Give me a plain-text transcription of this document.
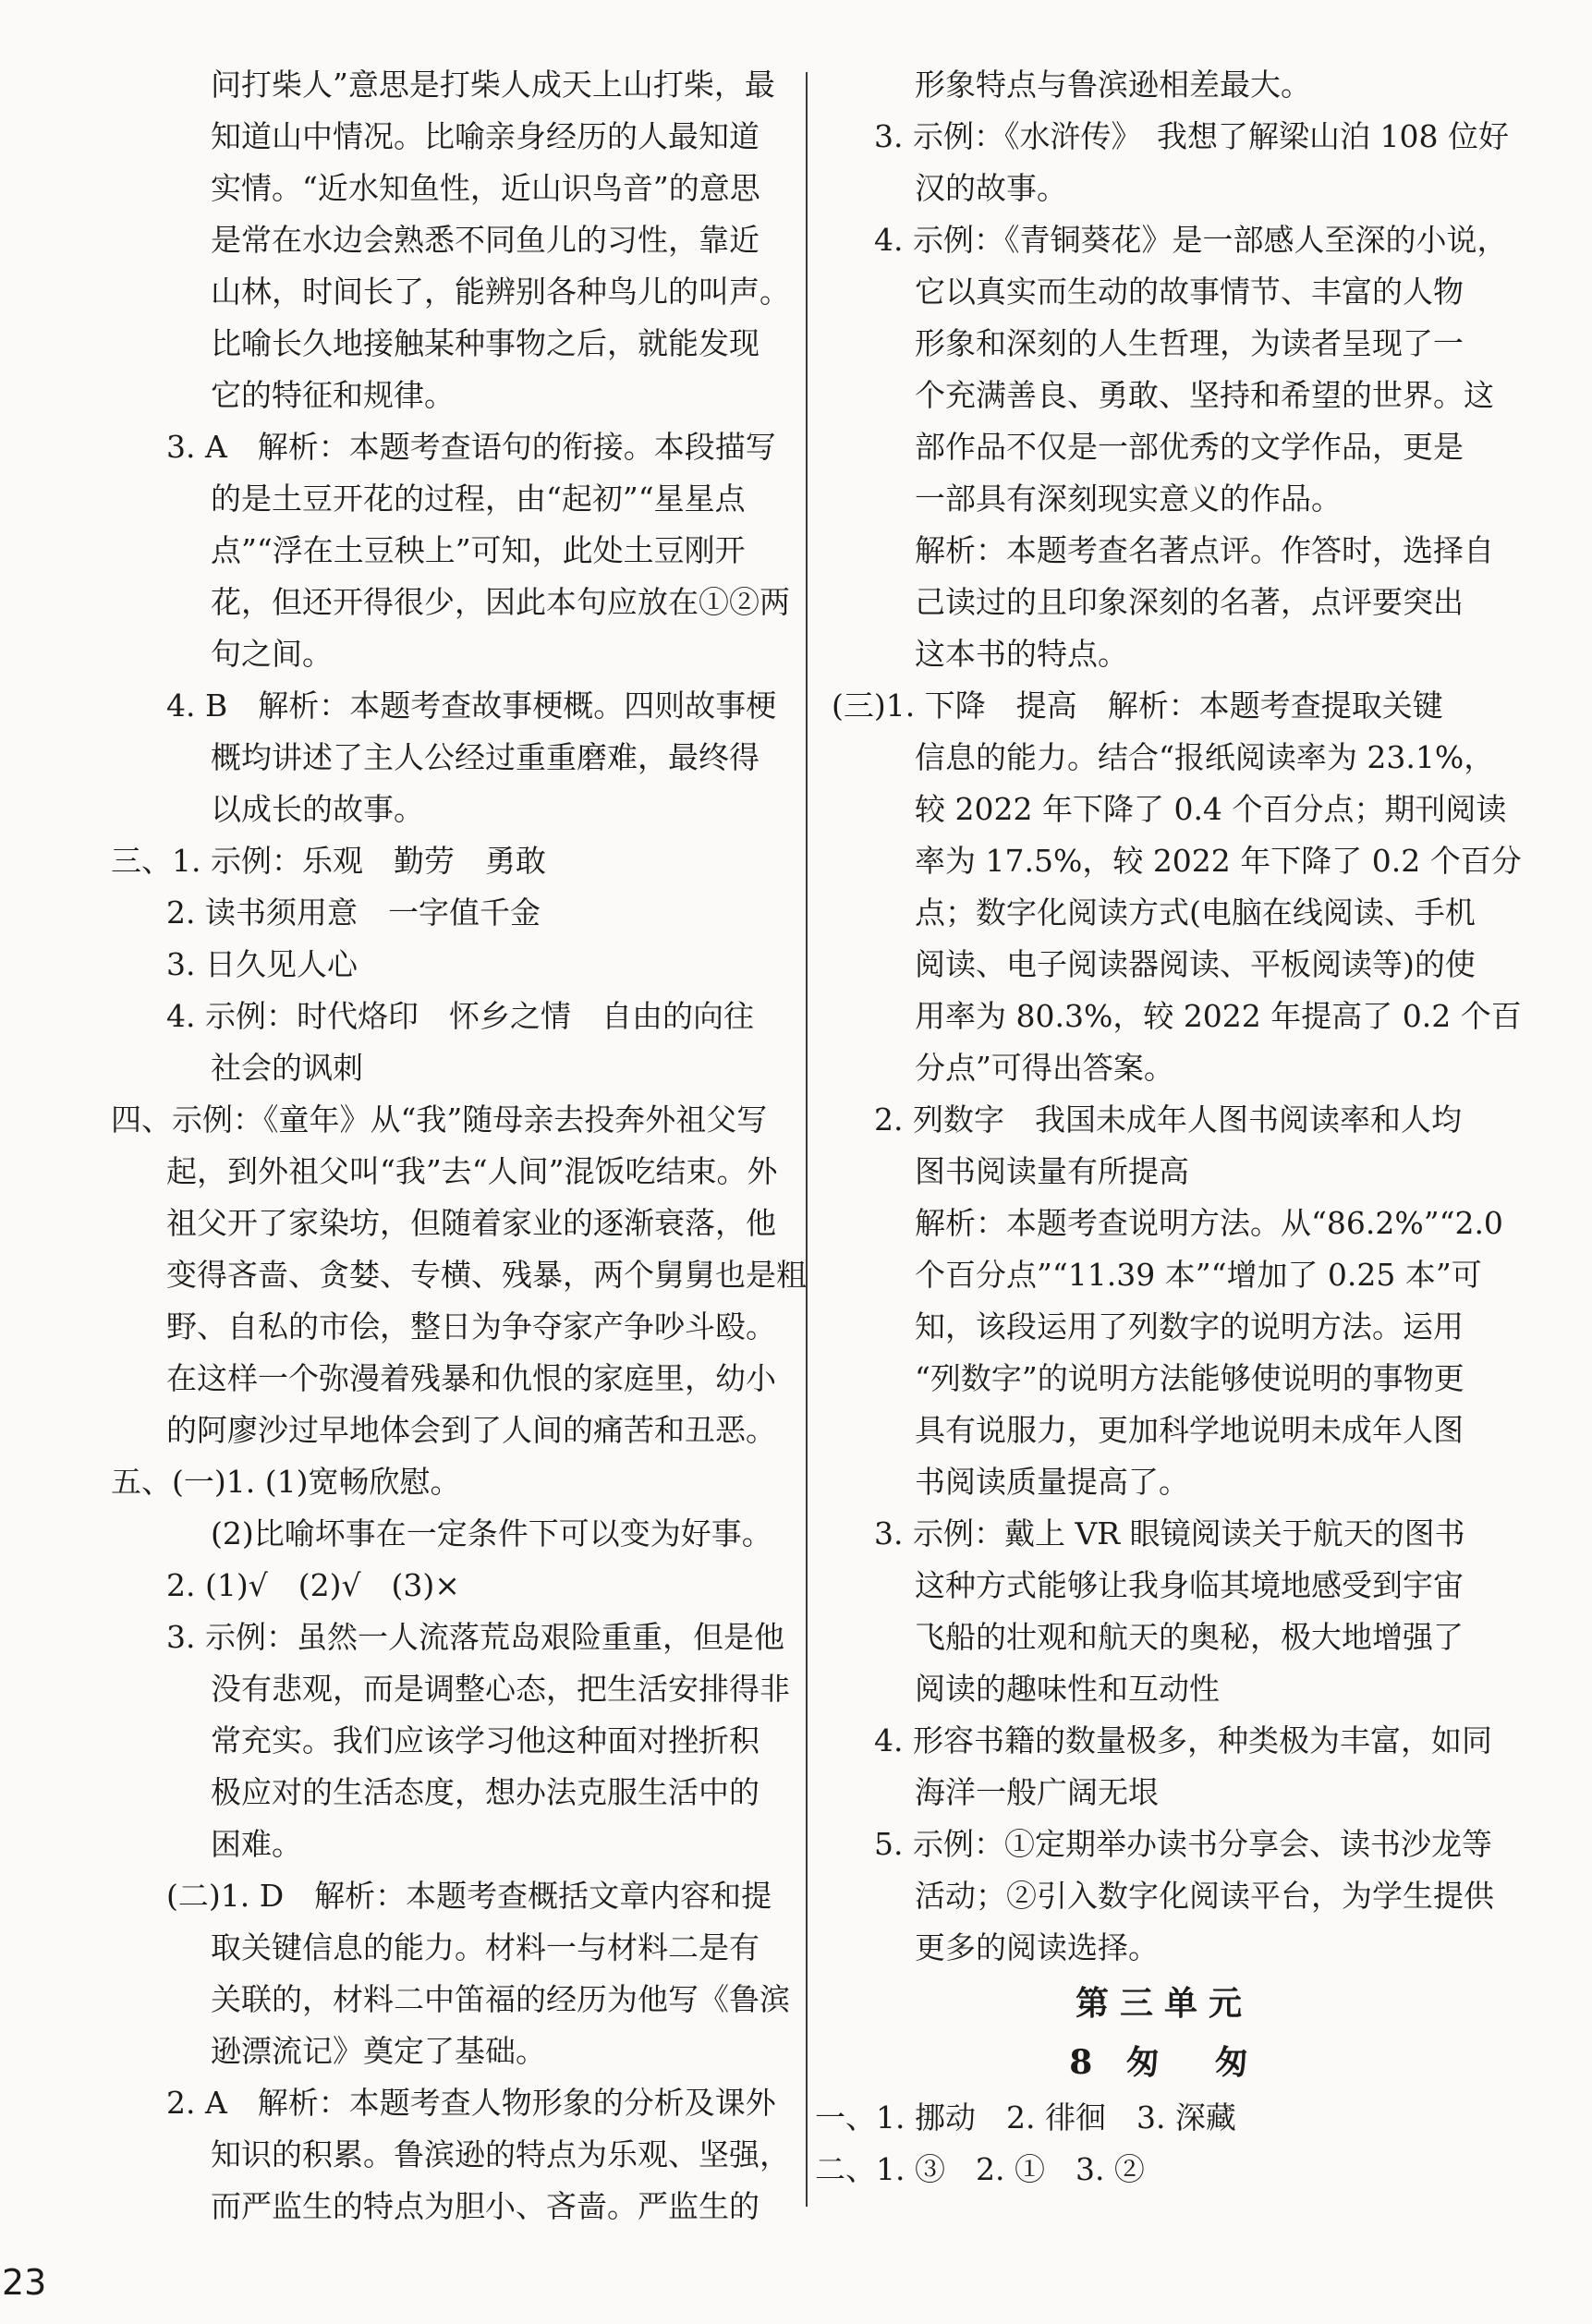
问打柴人”意思是打柴人成天上山打柴，最
知道山中情况。比喻亲身经历的人最知道
实情。“近水知鱼性，近山识鸟音”的意思
是常在水边会熟悉不同鱼儿的习性，靠近
山林，时间长了，能辨别各种鸟儿的叫声。
比喻长久地接触某种事物之后，就能发现
它的特征和规律。
3. A　解析：本题考查语句的衔接。本段描写
的是土豆开花的过程，由“起初”“星星点
点”“浮在土豆秧上”可知，此处土豆刚开
花，但还开得很少，因此本句应放在①②两
句之间。
4. B　解析：本题考查故事梗概。四则故事梗
概均讲述了主人公经过重重磨难，最终得
以成长的故事。
三、1. 示例：乐观　勤劳　勇敢
2. 读书须用意　一字值千金
3. 日久见人心
4. 示例：时代烙印　怀乡之情　自由的向往
社会的讽刺
四、示例：《童年》从“我”随母亲去投奔外祖父写
起，到外祖父叫“我”去“人间”混饭吃结束。外
祖父开了家染坊，但随着家业的逐渐衰落，他
变得吝啬、贪婪、专横、残暴，两个舅舅也是粗
野、自私的市侩，整日为争夺家产争吵斗殴。
在这样一个弥漫着残暴和仇恨的家庭里，幼小
的阿廖沙过早地体会到了人间的痛苦和丑恶。
五、(一)1. (1)宽畅欣慰。
(2)比喻坏事在一定条件下可以变为好事。
2. (1)√　(2)√　(3)×
3. 示例：虽然一人流落荒岛艰险重重，但是他
没有悲观，而是调整心态，把生活安排得非
常充实。我们应该学习他这种面对挫折积
极应对的生活态度，想办法克服生活中的
困难。
(二)1. D　解析：本题考查概括文章内容和提
取关键信息的能力。材料一与材料二是有
关联的，材料二中笛福的经历为他写《鲁滨
逊漂流记》奠定了基础。
2. A　解析：本题考查人物形象的分析及课外
知识的积累。鲁滨逊的特点为乐观、坚强，
而严监生的特点为胆小、吝啬。严监生的
形象特点与鲁滨逊相差最大。
3. 示例：《水浒传》　我想了解梁山泊 108 位好
汉的故事。
4. 示例：《青铜葵花》是一部感人至深的小说，
它以真实而生动的故事情节、丰富的人物
形象和深刻的人生哲理，为读者呈现了一
个充满善良、勇敢、坚持和希望的世界。这
部作品不仅是一部优秀的文学作品，更是
一部具有深刻现实意义的作品。
解析：本题考查名著点评。作答时，选择自
己读过的且印象深刻的名著，点评要突出
这本书的特点。
(三)1. 下降　提高　解析：本题考查提取关键
信息的能力。结合“报纸阅读率为 23.1%，
较 2022 年下降了 0.4 个百分点；期刊阅读
率为 17.5%，较 2022 年下降了 0.2 个百分
点；数字化阅读方式(电脑在线阅读、手机
阅读、电子阅读器阅读、平板阅读等)的使
用率为 80.3%，较 2022 年提高了 0.2 个百
分点”可得出答案。
2. 列数字　我国未成年人图书阅读率和人均
图书阅读量有所提高
解析：本题考查说明方法。从“86.2%”“2.0
个百分点”“11.39 本”“增加了 0.25 本”可
知，该段运用了列数字的说明方法。运用
“列数字”的说明方法能够使说明的事物更
具有说服力，更加科学地说明未成年人图
书阅读质量提高了。
3. 示例：戴上 VR 眼镜阅读关于航天的图书
这种方式能够让我身临其境地感受到宇宙
飞船的壮观和航天的奥秘，极大地增强了
阅读的趣味性和互动性
4. 形容书籍的数量极多，种类极为丰富，如同
海洋一般广阔无垠
5. 示例：①定期举办读书分享会、读书沙龙等
活动；②引入数字化阅读平台，为学生提供
更多的阅读选择。
第三单元
8 匆　匆
一、1. 挪动　2. 徘徊　3. 深藏
二、1. ③　2. ①　3. ②
23
